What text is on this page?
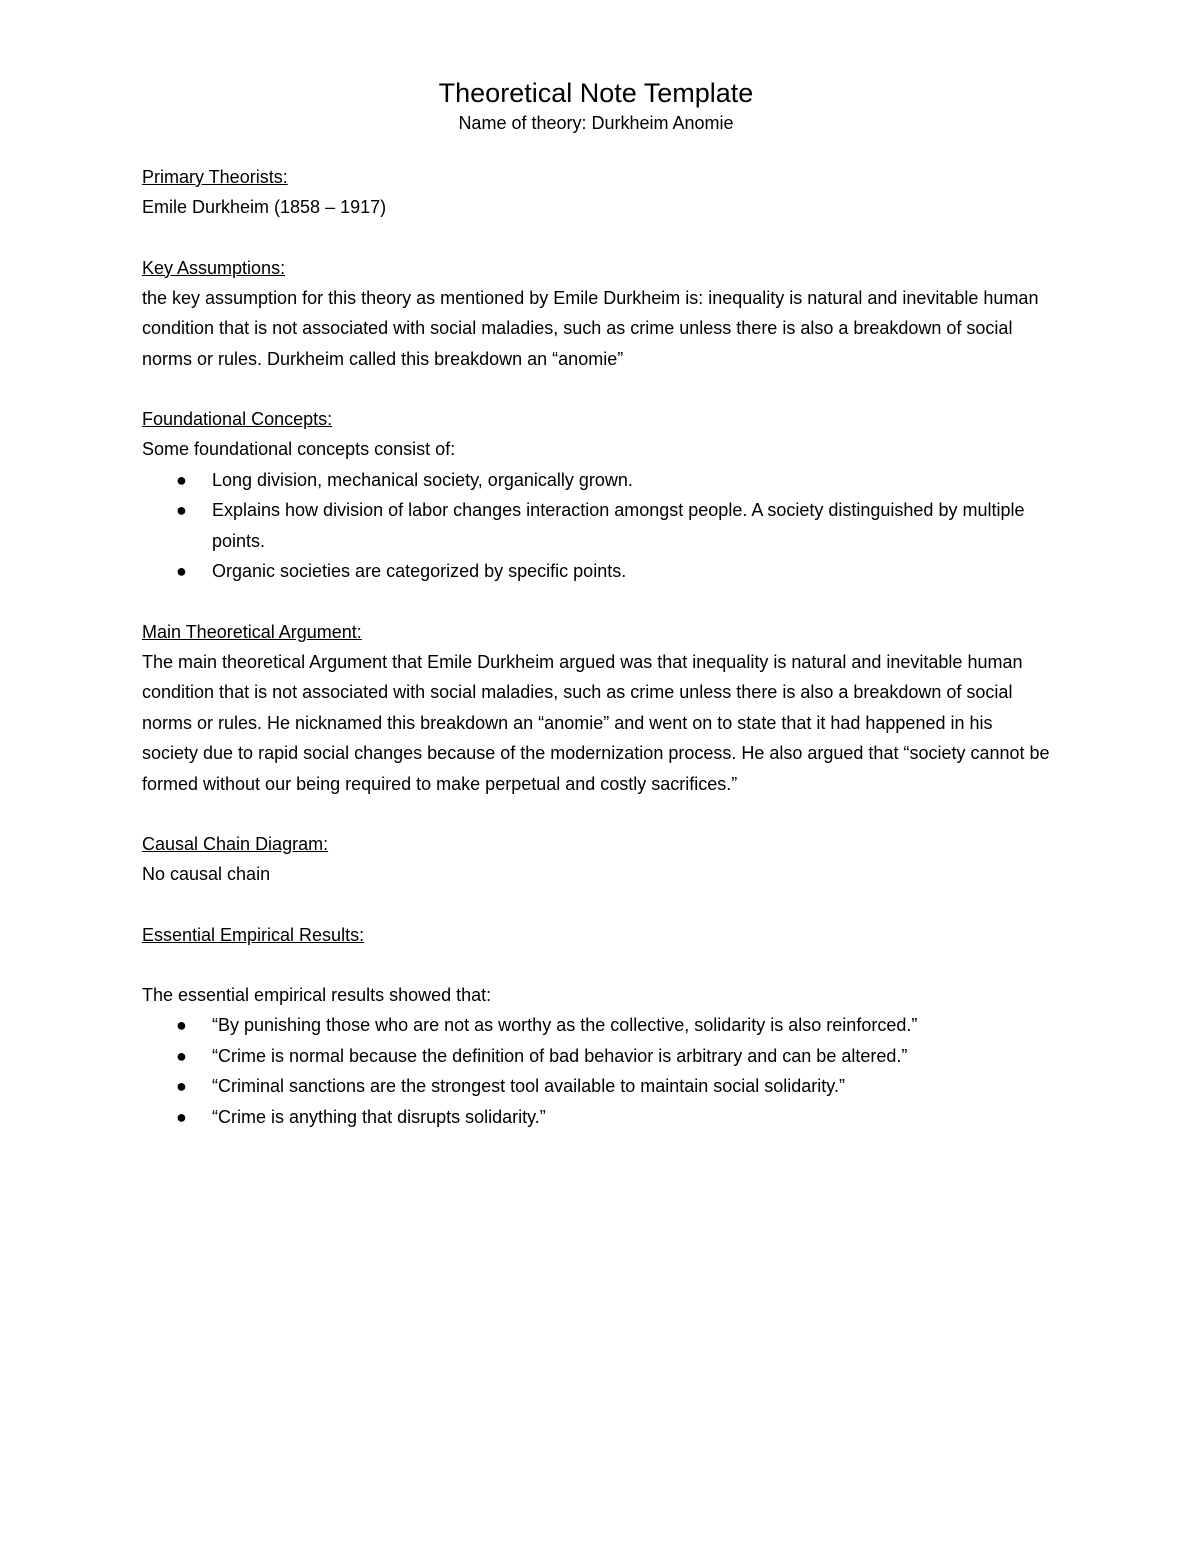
Theoretical Note Template

Name of theory: Durkheim Anomie

Primary Theorists:

Emile Durkheim (1858 – 1917)

Key Assumptions:

the key assumption for this theory as mentioned by Emile Durkheim is: inequality is natural and inevitable human condition that is not associated with social maladies, such as crime unless there is also a breakdown of social norms or rules. Durkheim called this breakdown an “anomie”

Foundational Concepts:

Some foundational concepts consist of:

● Long division, mechanical society, organically grown.
● Explains how division of labor changes interaction amongst people. A society distinguished by multiple points.
● Organic societies are categorized by specific points.

Main Theoretical Argument:

The main theoretical Argument that Emile Durkheim argued was that inequality is natural and inevitable human condition that is not associated with social maladies, such as crime unless there is also a breakdown of social norms or rules. He nicknamed this breakdown an “anomie” and went on to state that it had happened in his society due to rapid social changes because of the modernization process. He also argued that “society cannot be formed without our being required to make perpetual and costly sacrifices.”

Causal Chain Diagram:

No causal chain

Essential Empirical Results:

The essential empirical results showed that:

● “By punishing those who are not as worthy as the collective, solidarity is also reinforced.”
● “Crime is normal because the definition of bad behavior is arbitrary and can be altered.”
● “Criminal sanctions are the strongest tool available to maintain social solidarity.”
● “Crime is anything that disrupts solidarity.”
